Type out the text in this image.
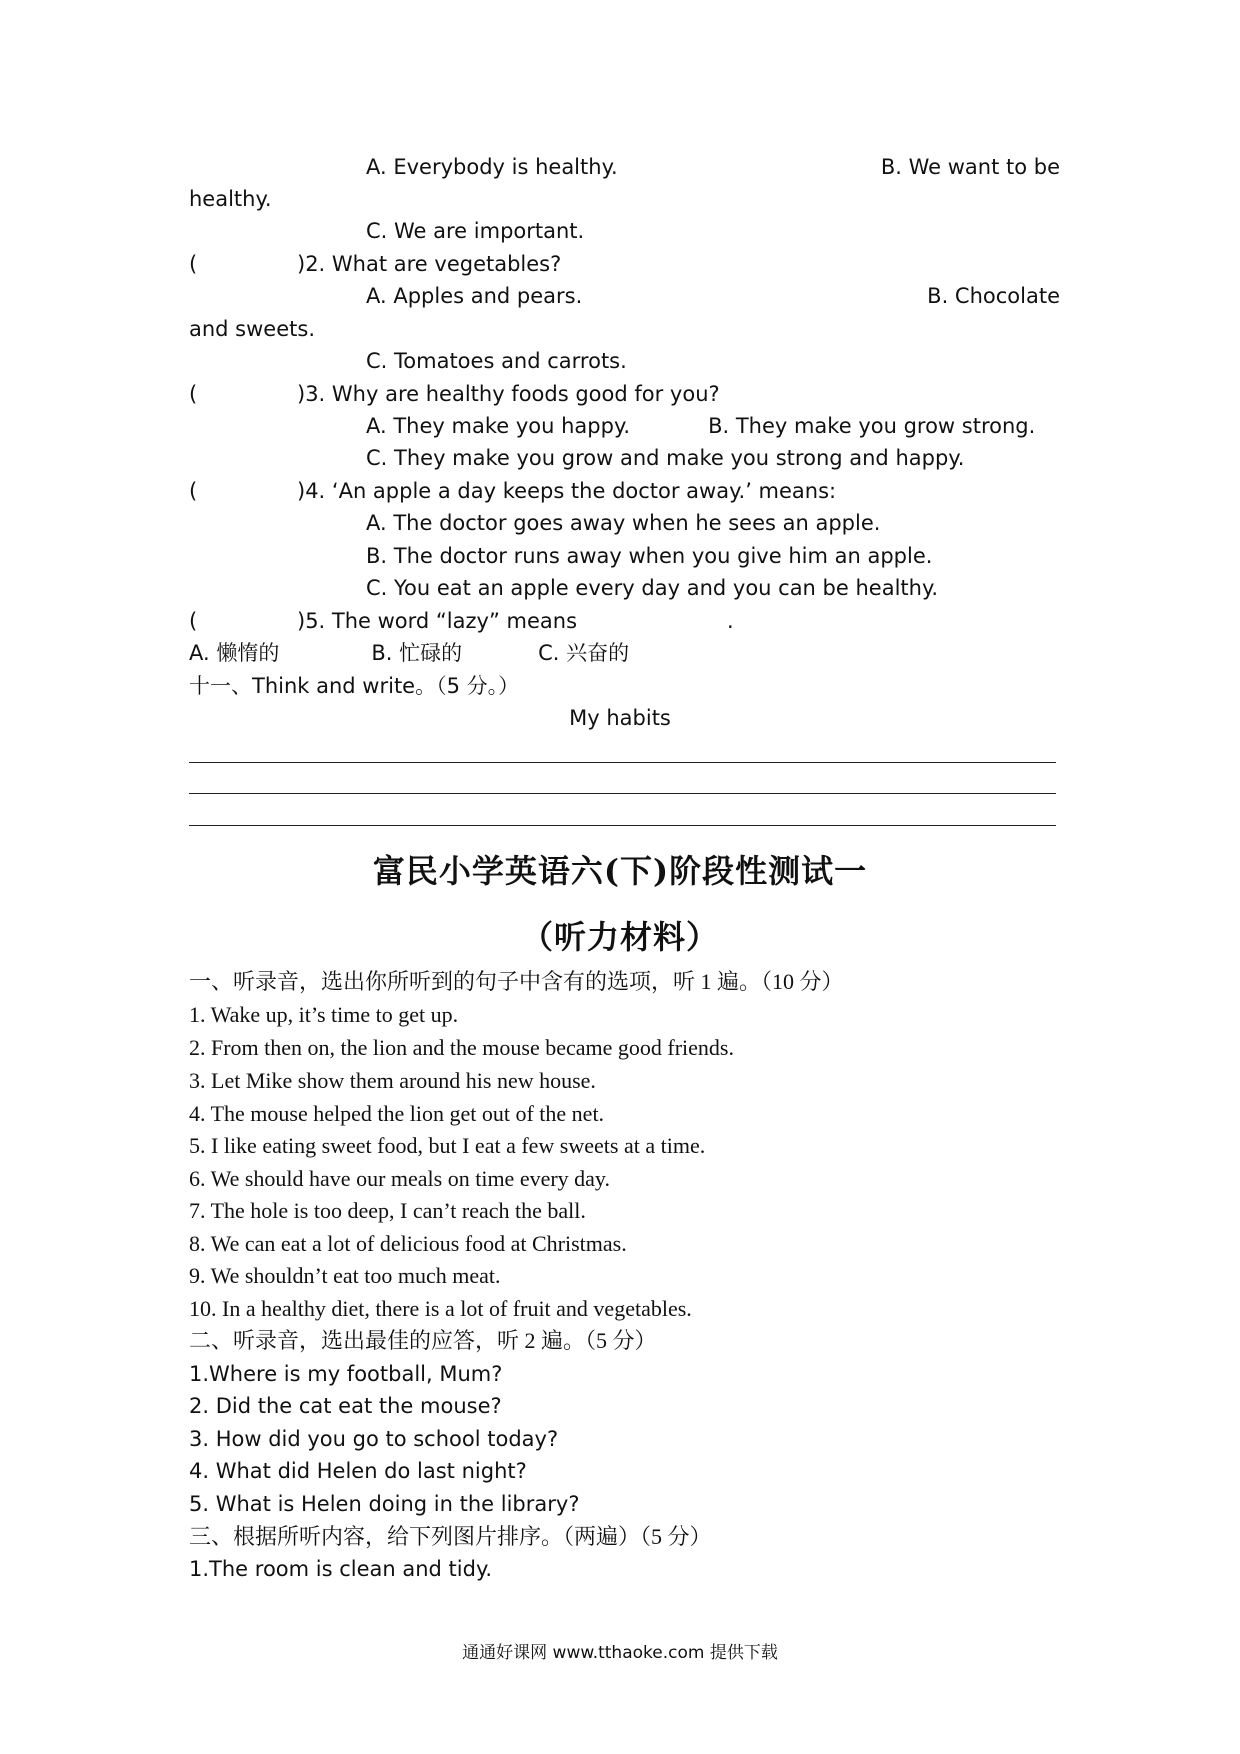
A. Everybody is healthy.	B. We want to be
healthy.
C. We are important.
(	)2. What are vegetables?
A. Apples and pears.	B. Chocolate
and sweets.
C. Tomatoes and carrots.
(	)3. Why are healthy foods good for you?
A. They make you happy.	B. They make you grow strong.
C. They make you grow and make you strong and happy.
(	)4. ‘An apple a day keeps the doctor away.’ means:
A. The doctor goes away when he sees an apple.
B. The doctor runs away when you give him an apple.
C. You eat an apple every day and you can be healthy.
(	)5. The word “lazy” means	.
A. 懒惰的	B. 忙碌的	C. 兴奋的
十一、Think and write。（5 分。）
My habits
富民小学英语六(下)阶段性测试一
（听力材料）
一、听录音，选出你所听到的句子中含有的选项，听 1 遍。（10 分）
1. Wake up, it’s time to get up.
2. From then on, the lion and the mouse became good friends.
3. Let Mike show them around his new house.
4. The mouse helped the lion get out of the net.
5. I like eating sweet food, but I eat a few sweets at a time.
6. We should have our meals on time every day.
7. The hole is too deep, I can’t reach the ball.
8. We can eat a lot of delicious food at Christmas.
9. We shouldn’t eat too much meat.
10. In a healthy diet, there is a lot of fruit and vegetables.
二、听录音，选出最佳的应答，听 2 遍。（5 分）
1.Where is my football, Mum?
2. Did the cat eat the mouse?
3. How did you go to school today?
4. What did Helen do last night?
5. What is Helen doing in the library?
三、根据所听内容，给下列图片排序。（两遍）（5 分）
1.The room is clean and tidy.
通通好课网 www.tthaoke.com 提供下载
